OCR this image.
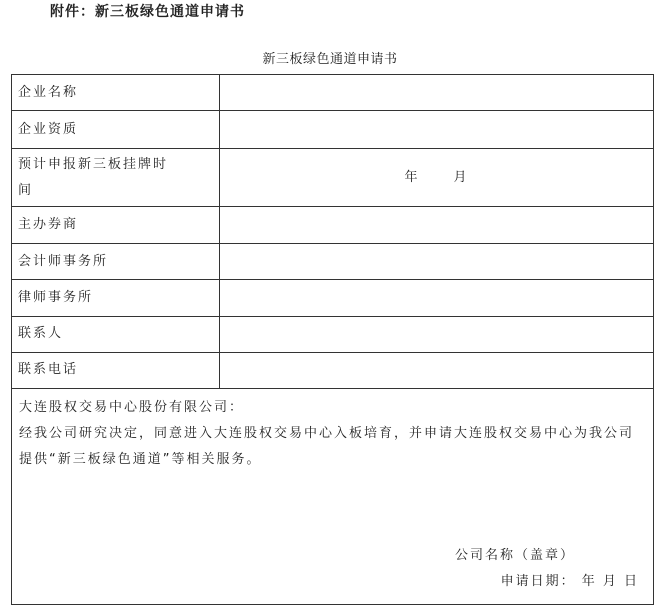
附件：新三板绿色通道申请书
新三板绿色通道申请书
企业名称	
企业资质	

预计申报新三板挂牌时
间	年 月
主办券商	
会计师事务所	
律师事务所	
联系人	
联系电话	

大连股权交易中心股份有限公司：
经我公司研究决定，同意进入大连股权交易中心入板培育，并申请大连股权交易中心为我公司提供“新三板绿色通道”等相关服务。
公司名称（盖章）
申请日期： 年 月 日	
